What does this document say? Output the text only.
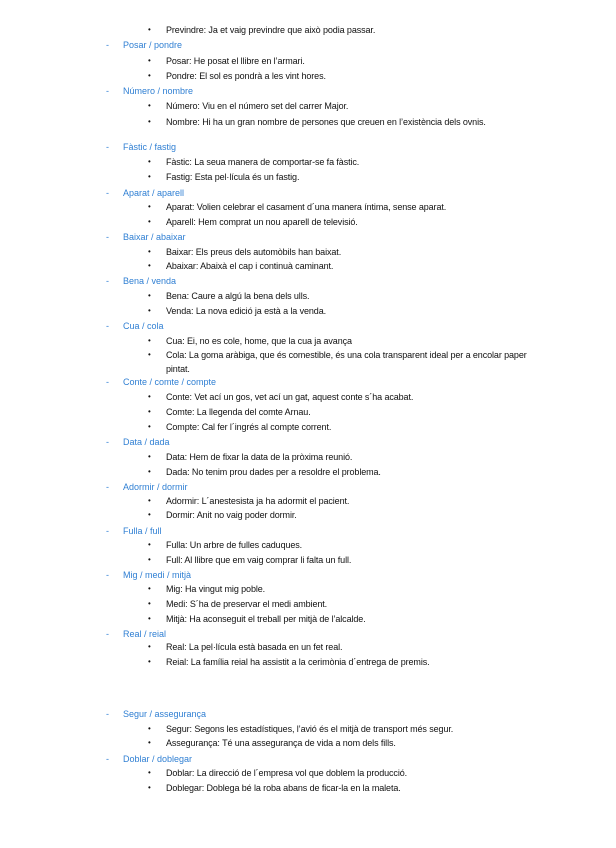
• Previndre: Ja et vaig previndre que això podia passar.
-	Posar / pondre
• Posar: He posat el llibre en l’armari.
• Pondre: El sol es pondrà a les vint hores.
-	Número / nombre
• Número: Viu en el número set del carrer Major.
• Nombre: Hi ha un gran nombre de persones que creuen en l’existència dels ovnis.
-	Fàstic / fastig
• Fàstic: La seua manera de comportar-se fa fàstic.
• Fastig: Esta pel·lícula és un fastig.
-	Aparat / aparell
• Aparat: Volien celebrar el casament d´una manera íntima, sense aparat.
• Aparell: Hem comprat un nou aparell de televisió.
-	Baixar / abaixar
• Baixar: Els preus dels automòbils han baixat.
• Abaixar: Abaixà el cap i continuà caminant.
-	Bena / venda
• Bena: Caure a algú la bena dels ulls.
• Venda: La nova edició ja està a la venda.
-	Cua / cola
• Cua: Ei, no es cole, home, que la cua ja avança
• Cola: La goma aràbiga, que és comestible, és una cola transparent ideal per a encolar paper pintat.
-	Conte / comte / compte
• Conte: Vet ací un gos, vet ací un gat, aquest conte s´ha acabat.
• Comte: La llegenda del comte Arnau.
• Compte: Cal fer l´ingrés al compte corrent.
-	Data / dada
• Data: Hem de fixar la data de la pròxima reunió.
• Dada: No tenim prou dades per a resoldre el problema.
-	Adormir / dormir
• Adormir: L´anestesista ja ha adormit el pacient.
• Dormir: Anit no vaig poder dormir.
-	Fulla / full
• Fulla: Un arbre de fulles caduques.
• Full: Al llibre que em vaig comprar li falta un full.
-	Mig / medi / mitjà
• Mig: Ha vingut mig poble.
• Medi: S´ha de preservar el medi ambient.
• Mitjà: Ha aconseguit el treball per mitjà de l’alcalde.
-	Real / reial
• Real: La pel·lícula està basada en un fet real.
• Reial: La família reial ha assistit a la cerimònia d´entrega de premis.
-	Segur / assegurança
• Segur: Segons les estadístiques, l’avió és el mitjà de transport més segur.
• Assegurança: Té una assegurança de vida a nom dels fills.
-	Doblar / doblegar
• Doblar: La direcció de l´empresa vol que doblem la producció.
• Doblegar: Doblega bé la roba abans de ficar-la en la maleta.
